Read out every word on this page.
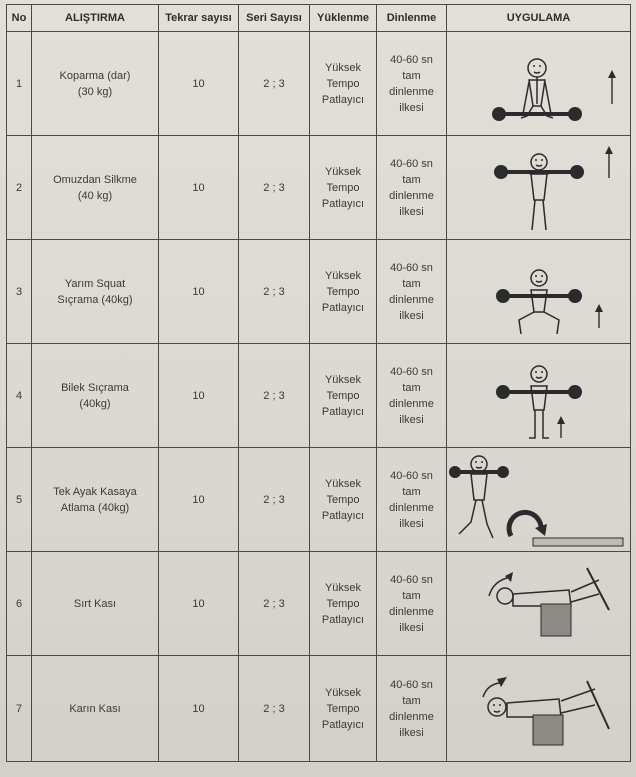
No	ALIŞTIRMA	Tekrar sayısı	Seri Sayısı	Yüklenme	Dinlenme	UYGULAMA
1	Koparma (dar)
(30 kg)	10	2 ; 3	Yüksek
Tempo
Patlayıcı	40-60 sn
tam
dinlenme
ilkesi	

2	Omuzdan Silkme
(40 kg)	10	2 ; 3	Yüksek
Tempo
Patlayıcı	40-60 sn
tam
dinlenme
ilkesi	

3	Yarım Squat
Sıçrama (40kg)	10	2 ; 3	Yüksek
Tempo
Patlayıcı	40-60 sn
tam
dinlenme
ilkesi	

4	Bilek Sıçrama
(40kg)	10	2 ; 3	Yüksek
Tempo
Patlayıcı	40-60 sn
tam
dinlenme
ilkesi	

5	Tek Ayak Kasaya
Atlama (40kg)	10	2 ; 3	Yüksek
Tempo
Patlayıcı	40-60 sn
tam
dinlenme
ilkesi	

6	Sırt Kası	10	2 ; 3	Yüksek
Tempo
Patlayıcı	40-60 sn
tam
dinlenme
ilkesi	

7	Karın Kası	10	2 ; 3	Yüksek
Tempo
Patlayıcı	40-60 sn
tam
dinlenme
ilkesi	
